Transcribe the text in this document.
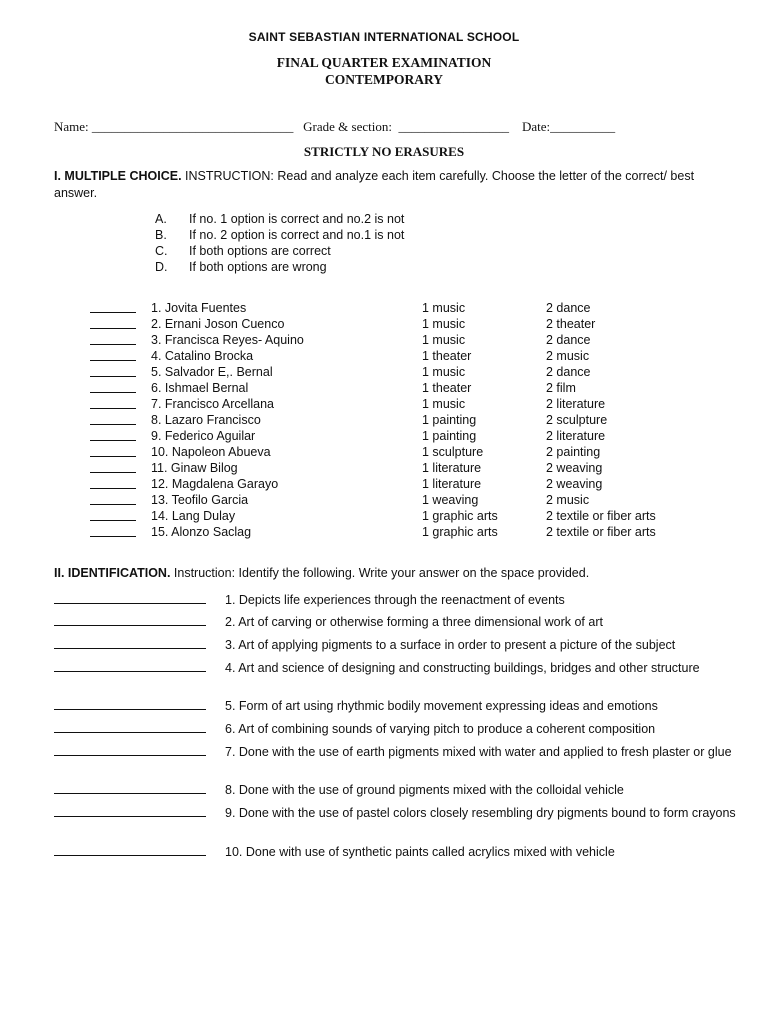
SAINT SEBASTIAN INTERNATIONAL SCHOOL
FINAL QUARTER EXAMINATION
CONTEMPORARY
Name: _______________________________   Grade & section:  _________________    Date:__________
STRICTLY NO ERASURES
I. MULTIPLE CHOICE. INSTRUCTION: Read and analyze each item carefully. Choose the letter of the correct/ best answer.
A. If no. 1 option is correct and no.2 is not
B. If no. 2 option is correct and no.1 is not
C. If both options are correct
D. If both options are wrong
1. Jovita Fuentes	1 music	2 dance
2. Ernani Joson Cuenco	1 music	2 theater
3. Francisca Reyes- Aquino	1 music	2 dance
4. Catalino Brocka	1 theater	2 music
5. Salvador E,. Bernal	1 music	2 dance
6. Ishmael Bernal	1 theater	2 film
7. Francisco Arcellana	1 music	2 literature
8. Lazaro Francisco	1 painting	2 sculpture
9. Federico Aguilar	1 painting	2 literature
10. Napoleon Abueva	1 sculpture	2 painting
11. Ginaw Bilog	1 literature	2 weaving
12. Magdalena Garayo	1 literature	2 weaving
13. Teofilo Garcia	1 weaving	2 music
14. Lang Dulay	1 graphic arts	2 textile or fiber arts
15. Alonzo Saclag	1 graphic arts	2 textile or fiber arts
II. IDENTIFICATION. Instruction: Identify the following. Write your answer on the space provided.
1. Depicts life experiences through the reenactment of events
2. Art of carving or otherwise forming a three dimensional work of art
3. Art of applying pigments to a surface in order to present a picture of the subject
4. Art and science of designing and constructing buildings, bridges and other structure
5. Form of art using rhythmic bodily movement expressing ideas and emotions
6. Art of combining sounds of varying pitch to produce a coherent composition
7. Done with the use of earth pigments mixed with water and applied to fresh plaster or glue
8. Done with the use of ground pigments mixed with the colloidal vehicle
9. Done with the use of pastel colors closely resembling dry pigments bound to form crayons
10. Done with use of synthetic paints called acrylics mixed with vehicle
